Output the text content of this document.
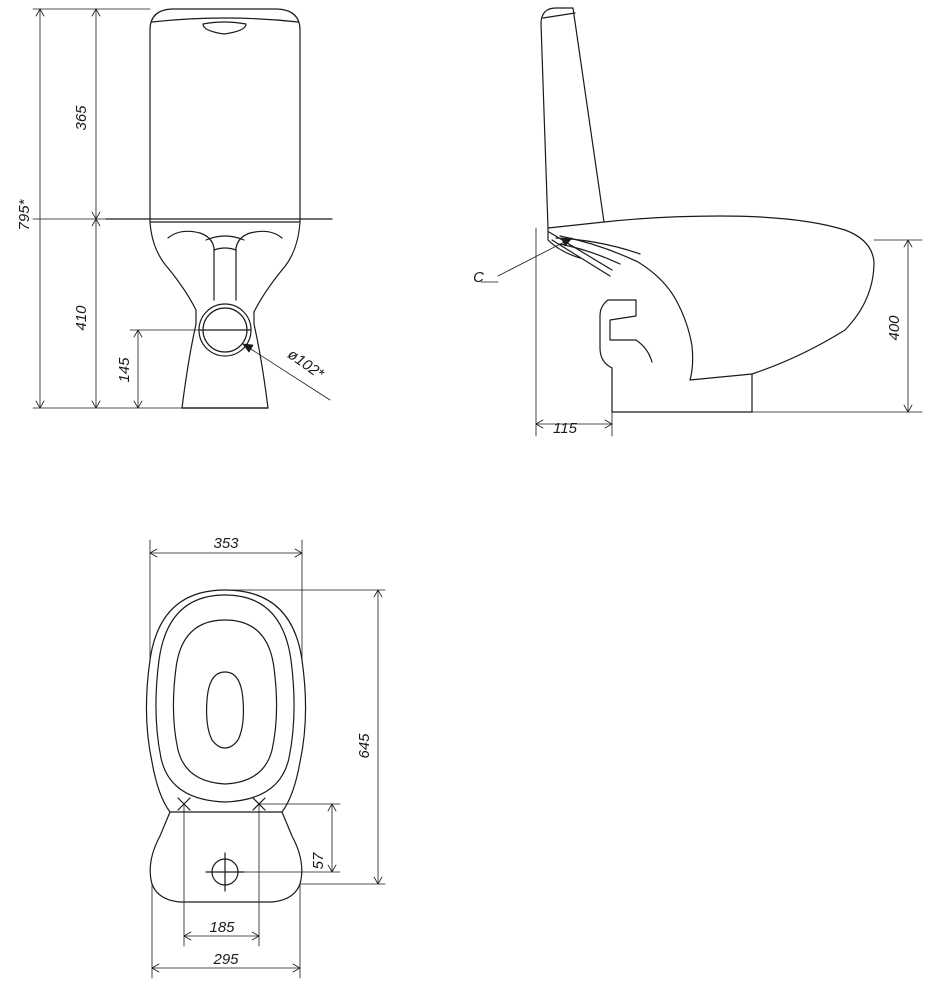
795*
365
410
145	ø102*
400
115
C
353
645
57
185
295
